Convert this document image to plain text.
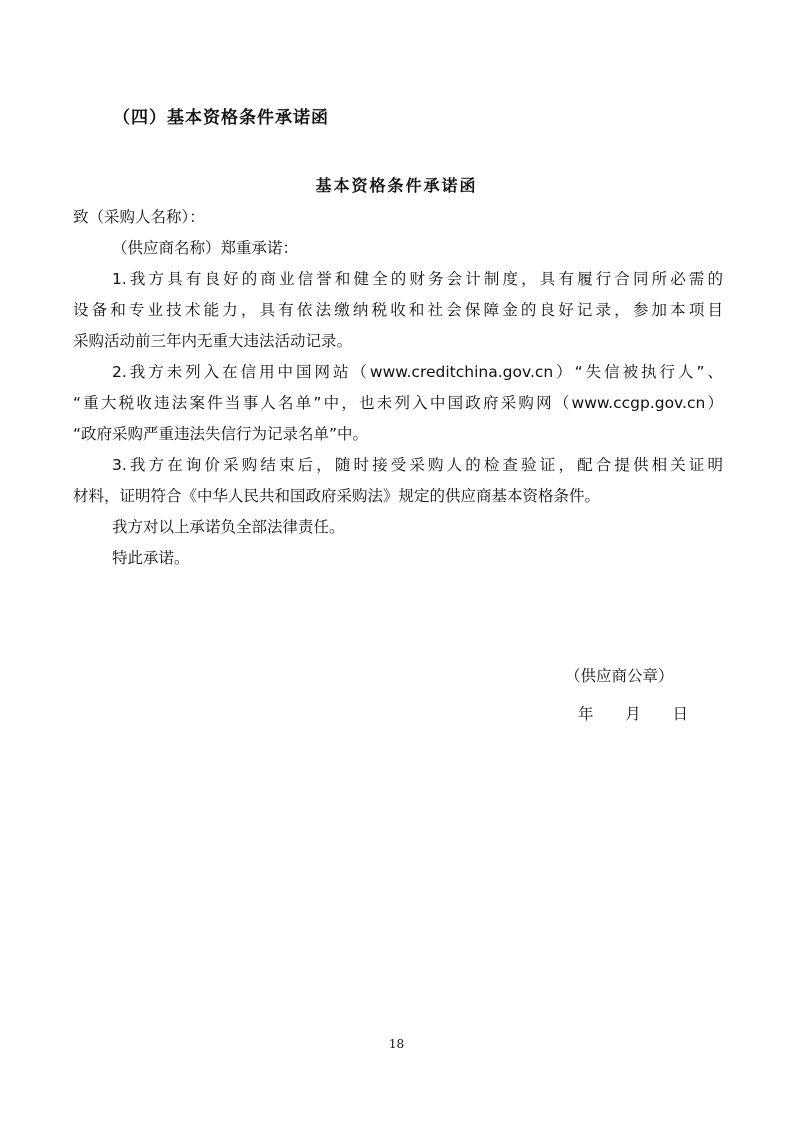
（四）基本资格条件承诺函
基本资格条件承诺函
致（采购人名称）：
（供应商名称）郑重承诺：
1.我方具有良好的商业信誉和健全的财务会计制度，具有履行合同所必需的
设备和专业技术能力，具有依法缴纳税收和社会保障金的良好记录，参加本项目
采购活动前三年内无重大违法活动记录。
2.我方未列入在信用中国网站（www.creditchina.gov.cn）“失信被执行人”、
“重大税收违法案件当事人名单”中，也未列入中国政府采购网（www.ccgp.gov.cn）
“政府采购严重违法失信行为记录名单”中。
3.我方在询价采购结束后，随时接受采购人的检查验证，配合提供相关证明
材料，证明符合《中华人民共和国政府采购法》规定的供应商基本资格条件。
我方对以上承诺负全部法律责任。
特此承诺。
（供应商公章）
年 月 日
18
